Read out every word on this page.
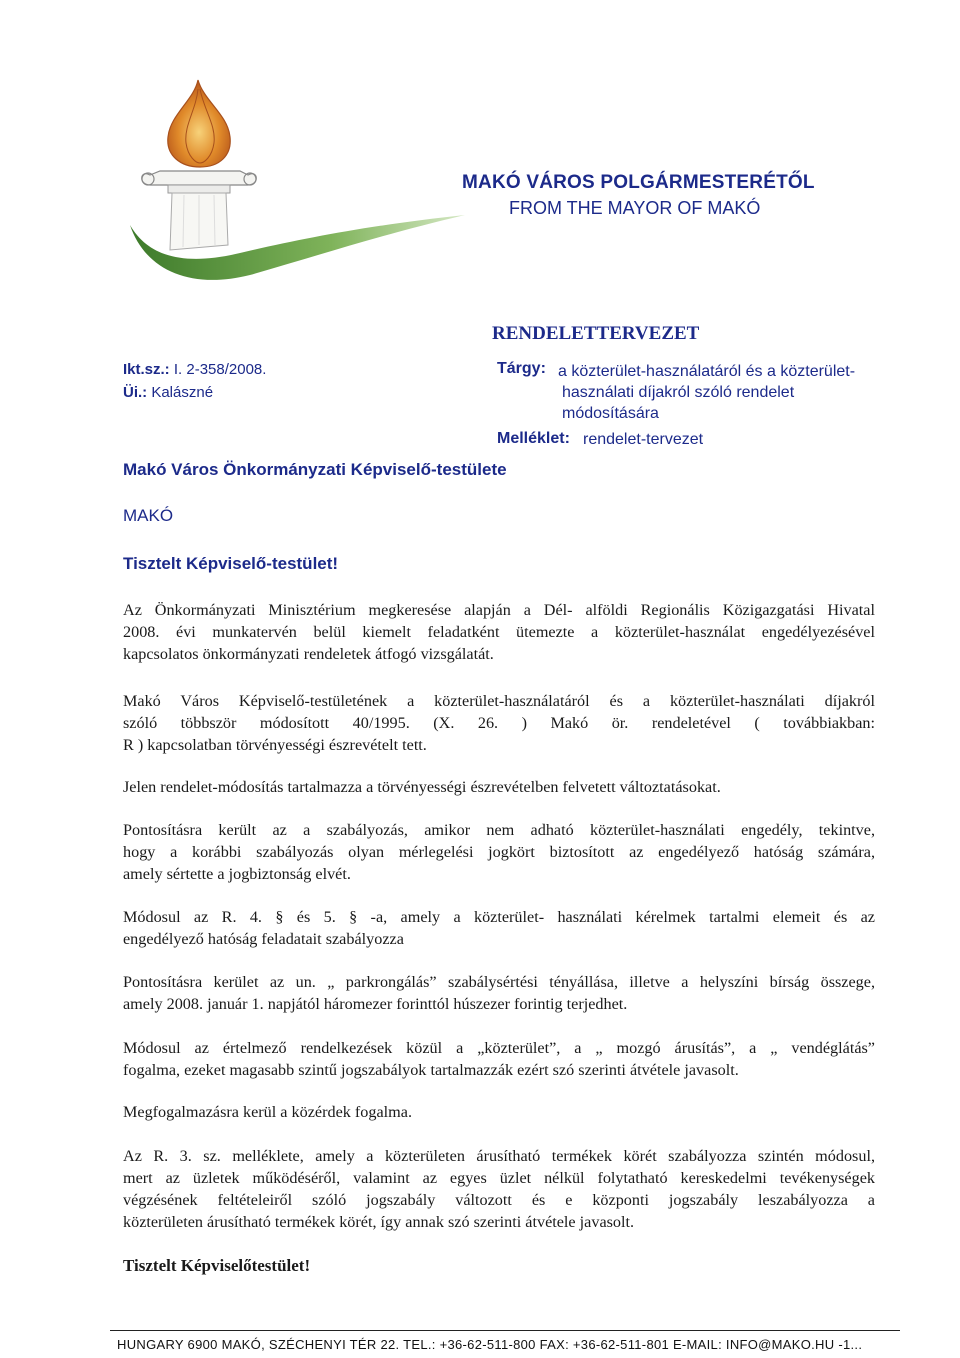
MAKÓ VÁROS POLGÁRMESTERÉTŐL
FROM THE MAYOR OF MAKÓ
RENDELETTERVEZET
Ikt.sz.: I. 2-358/2008.
Üi.: Kalászné
Tárgy: a közterület-használatáról és a közterület-
használati díjakról szóló rendelet
módosítására
Melléklet: rendelet-tervezet
Makó Város Önkormányzati Képviselő-testülete
MAKÓ
Tisztelt Képviselő-testület!
Az Önkormányzati Minisztérium megkeresése alapján a Dél- alföldi Regionális Közigazgatási Hivatal
2008. évi munkatervén belül kiemelt feladatként ütemezte a közterület-használat engedélyezésével
kapcsolatos önkormányzati rendeletek átfogó vizsgálatát.
Makó Város Képviselő-testületének a közterület-használatáról és a közterület-használati díjakról
szóló többször módosított 40/1995. (X. 26. ) Makó ör. rendeletével ( továbbiakban:
R ) kapcsolatban törvényességi észrevételt tett.
Jelen rendelet-módosítás tartalmazza a törvényességi észrevételben felvetett változtatásokat.
Pontosításra került az a szabályozás, amikor nem adható közterület-használati engedély, tekintve,
hogy a korábbi szabályozás olyan mérlegelési jogkört biztosított az engedélyező hatóság számára,
amely sértette a jogbiztonság elvét.
Módosul az R. 4. § és 5. § -a, amely a közterület- használati kérelmek tartalmi elemeit és az
engedélyező hatóság feladatait szabályozza
Pontosításra kerület az un. „ parkrongálás” szabálysértési tényállása, illetve a helyszíni bírság összege,
amely 2008. január 1. napjától háromezer forinttól húszezer forintig terjedhet.
Módosul az értelmező rendelkezések közül a „közterület”, a „ mozgó árusítás”, a „ vendéglátás”
fogalma, ezeket magasabb szintű jogszabályok tartalmazzák ezért szó szerinti átvétele javasolt.
Megfogalmazásra kerül a közérdek fogalma.
Az R. 3. sz. melléklete, amely a közterületen árusítható termékek körét szabályozza szintén módosul,
mert az üzletek működéséről, valamint az egyes üzlet nélkül folytatható kereskedelmi tevékenységek
végzésének feltételeiről szóló jogszabály változott és e központi jogszabály leszabályozza a
közterületen árusítható termékek körét, így annak szó szerinti átvétele javasolt.
Tisztelt Képviselőtestület!
HUNGARY 6900 MAKÓ, SZÉCHENYI TÉR 22. TEL.: +36-62-511-800 FAX: +36-62-511-801 E-MAIL: INFO@MAKO.HU -1...
